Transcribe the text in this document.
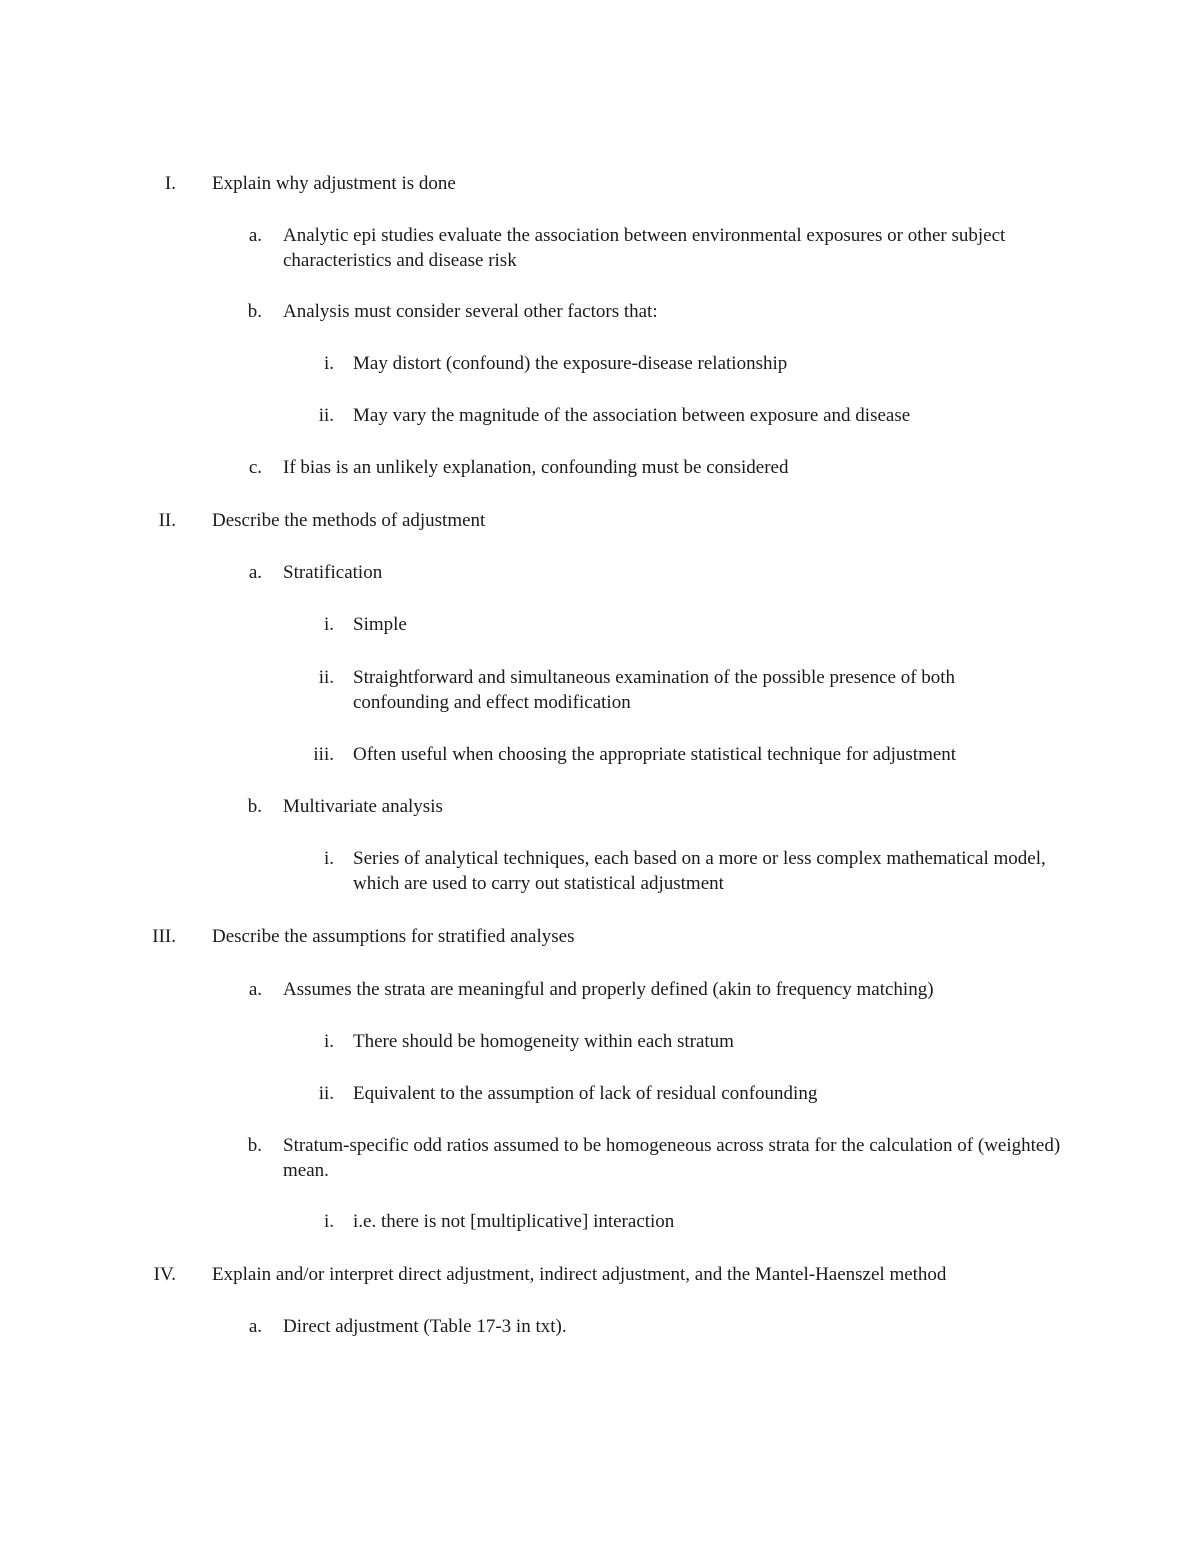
I. Explain why adjustment is done
a. Analytic epi studies evaluate the association between environmental exposures or other subject characteristics and disease risk
b. Analysis must consider several other factors that:
i. May distort (confound) the exposure-disease relationship
ii. May vary the magnitude of the association between exposure and disease
c. If bias is an unlikely explanation, confounding must be considered
II. Describe the methods of adjustment
a. Stratification
i. Simple
ii. Straightforward and simultaneous examination of the possible presence of both confounding and effect modification
iii. Often useful when choosing the appropriate statistical technique for adjustment
b. Multivariate analysis
i. Series of analytical techniques, each based on a more or less complex mathematical model, which are used to carry out statistical adjustment
III. Describe the assumptions for stratified analyses
a. Assumes the strata are meaningful and properly defined (akin to frequency matching)
i. There should be homogeneity within each stratum
ii. Equivalent to the assumption of lack of residual confounding
b. Stratum-specific odd ratios assumed to be homogeneous across strata for the calculation of (weighted) mean.
i. i.e. there is not [multiplicative] interaction
IV. Explain and/or interpret direct adjustment, indirect adjustment, and the Mantel-Haenszel method
a. Direct adjustment (Table 17-3 in txt).
